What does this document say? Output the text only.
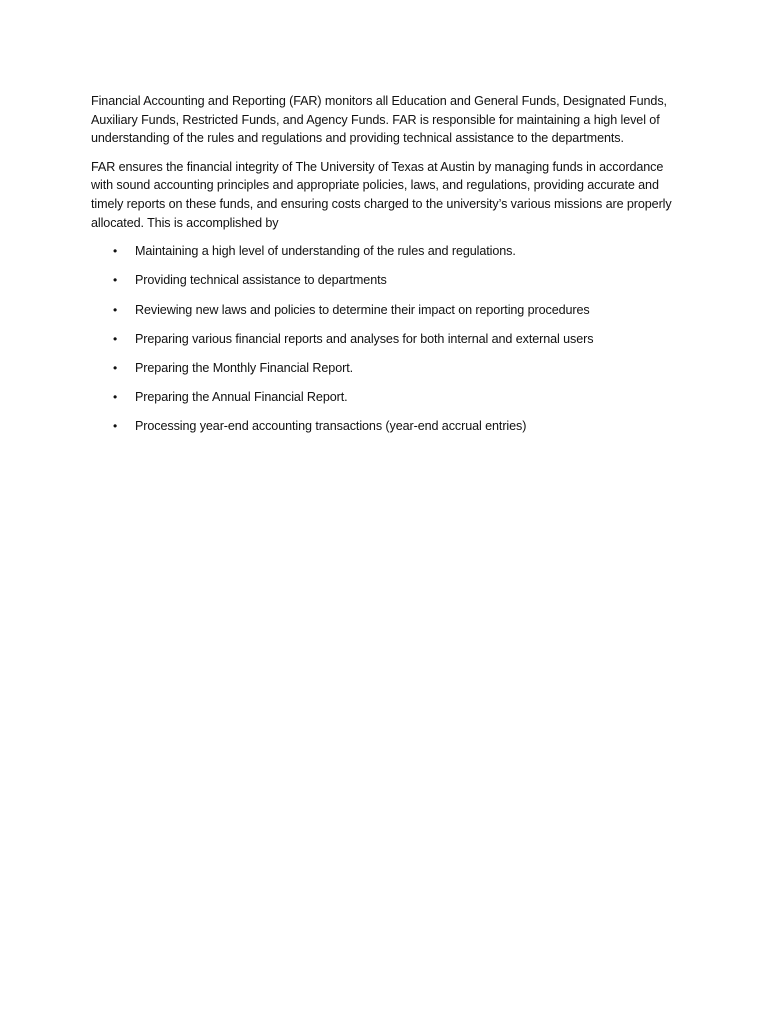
Financial Accounting and Reporting (FAR) monitors all Education and General Funds, Designated Funds, Auxiliary Funds, Restricted Funds, and Agency Funds. FAR is responsible for maintaining a high level of understanding of the rules and regulations and providing technical assistance to the departments.

FAR ensures the financial integrity of The University of Texas at Austin by managing funds in accordance with sound accounting principles and appropriate policies, laws, and regulations, providing accurate and timely reports on these funds, and ensuring costs charged to the university’s various missions are properly allocated. This is accomplished by

• Maintaining a high level of understanding of the rules and regulations.
• Providing technical assistance to departments
• Reviewing new laws and policies to determine their impact on reporting procedures
• Preparing various financial reports and analyses for both internal and external users
• Preparing the Monthly Financial Report.
• Preparing the Annual Financial Report.
• Processing year-end accounting transactions (year-end accrual entries)
